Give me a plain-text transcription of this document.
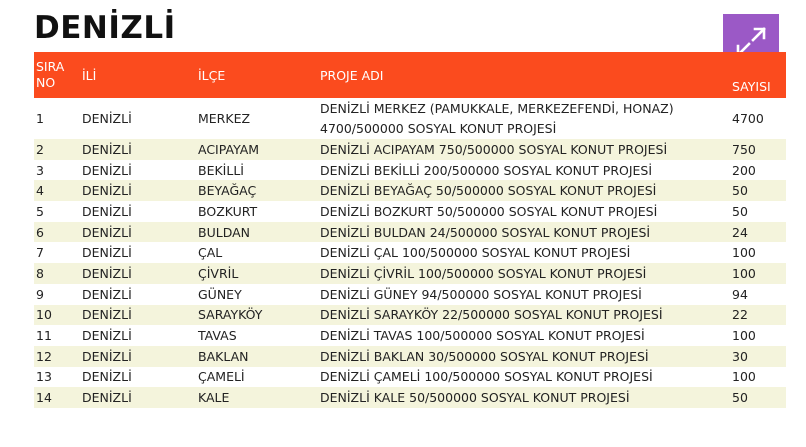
DENİZLİ
SIRA
NO	İLİ	İLÇE	PROJE ADI	SAYISI
1	DENİZLİ	MERKEZ	DENİZLİ MERKEZ (PAMUKKALE, MERKEZEFENDİ, HONAZ)
4700/500000 SOSYAL KONUT PROJESİ	4700
2	DENİZLİ	ACIPAYAM	DENİZLİ ACIPAYAM 750/500000 SOSYAL KONUT PROJESİ	750
3	DENİZLİ	BEKİLLİ	DENİZLİ BEKİLLİ 200/500000 SOSYAL KONUT PROJESİ	200
4	DENİZLİ	BEYAĞAÇ	DENİZLİ BEYAĞAÇ 50/500000 SOSYAL KONUT PROJESİ	50
5	DENİZLİ	BOZKURT	DENİZLİ BOZKURT 50/500000 SOSYAL KONUT PROJESİ	50
6	DENİZLİ	BULDAN	DENİZLİ BULDAN 24/500000 SOSYAL KONUT PROJESİ	24
7	DENİZLİ	ÇAL	DENİZLİ ÇAL 100/500000 SOSYAL KONUT PROJESİ	100
8	DENİZLİ	ÇİVRİL	DENİZLİ ÇİVRİL 100/500000 SOSYAL KONUT PROJESİ	100
9	DENİZLİ	GÜNEY	DENİZLİ GÜNEY 94/500000 SOSYAL KONUT PROJESİ	94
10	DENİZLİ	SARAYKÖY	DENİZLİ SARAYKÖY 22/500000 SOSYAL KONUT PROJESİ	22
11	DENİZLİ	TAVAS	DENİZLİ TAVAS 100/500000 SOSYAL KONUT PROJESİ	100
12	DENİZLİ	BAKLAN	DENİZLİ BAKLAN 30/500000 SOSYAL KONUT PROJESİ	30
13	DENİZLİ	ÇAMELİ	DENİZLİ ÇAMELİ 100/500000 SOSYAL KONUT PROJESİ	100
14	DENİZLİ	KALE	DENİZLİ KALE 50/500000 SOSYAL KONUT PROJESİ	50
